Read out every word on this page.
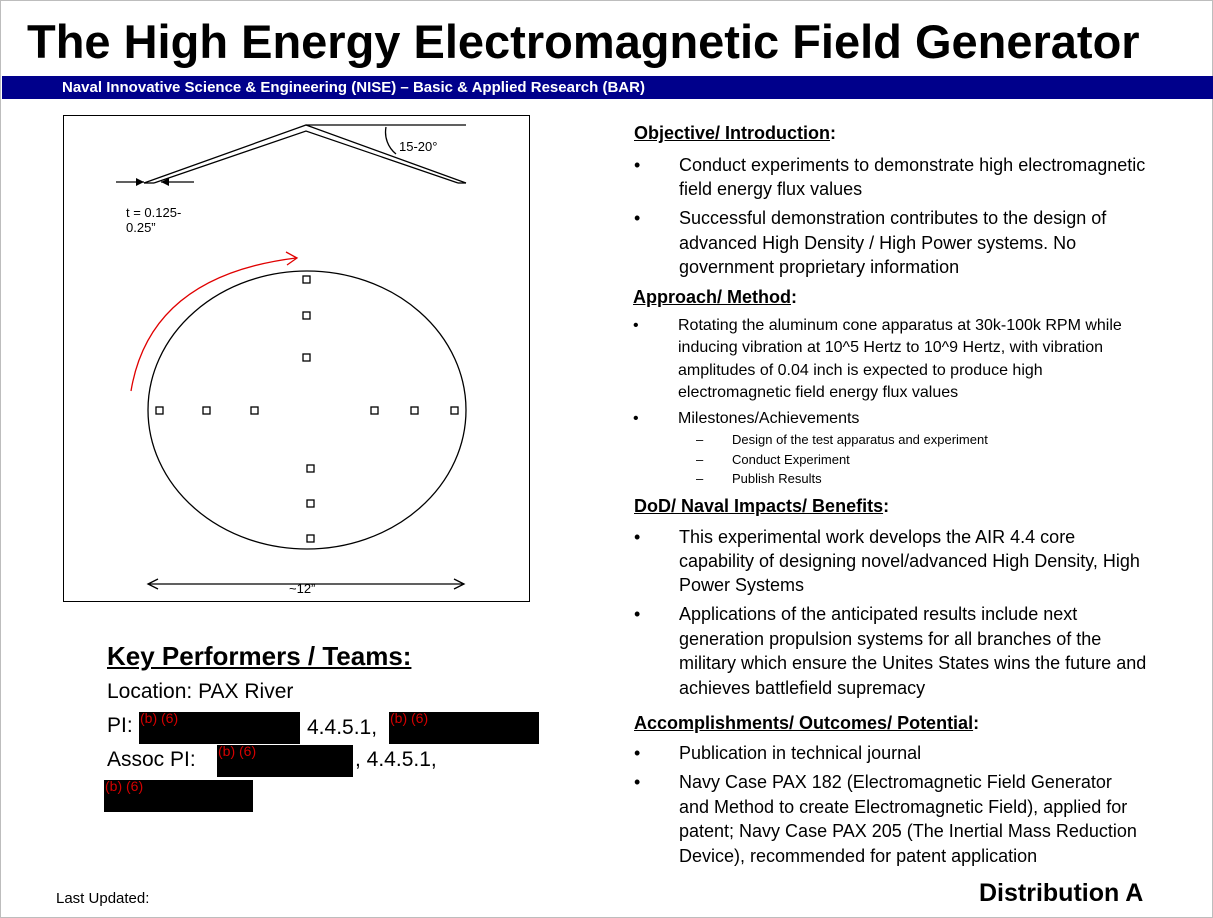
The High Energy Electromagnetic Field Generator
Naval Innovative Science & Engineering (NISE) – Basic & Applied Research (BAR)
15-20°
t = 0.125-
0.25”
~12”
Key Performers / Teams:
Location: PAX River
PI: (b) (6)	4.4.5.1, (b) (6)
Assoc PI: (b) (6)	, 4.4.5.1,
(b) (6)
Last Updated:	Distribution A
Objective/ Introduction:
• Conduct experiments to demonstrate high electromagnetic
field energy flux values
• Successful demonstration contributes to the design of
advanced High Density / High Power systems. No
government proprietary information
Approach/ Method:
• Rotating the aluminum cone apparatus at 30k-100k RPM while
inducing vibration at 10^5 Hertz to 10^9 Hertz, with vibration
amplitudes of 0.04 inch is expected to produce high
electromagnetic field energy flux values
• Milestones/Achievements
– Design of the test apparatus and experiment
– Conduct Experiment
– Publish Results
DoD/ Naval Impacts/ Benefits:
• This experimental work develops the AIR 4.4 core
capability of designing novel/advanced High Density, High
Power Systems
• Applications of the anticipated results include next
generation propulsion systems for all branches of the
military which ensure the Unites States wins the future and
achieves battlefield supremacy
Accomplishments/ Outcomes/ Potential:
• Publication in technical journal
• Navy Case PAX 182 (Electromagnetic Field Generator
and Method to create Electromagnetic Field), applied for
patent; Navy Case PAX 205 (The Inertial Mass Reduction
Device), recommended for patent application
